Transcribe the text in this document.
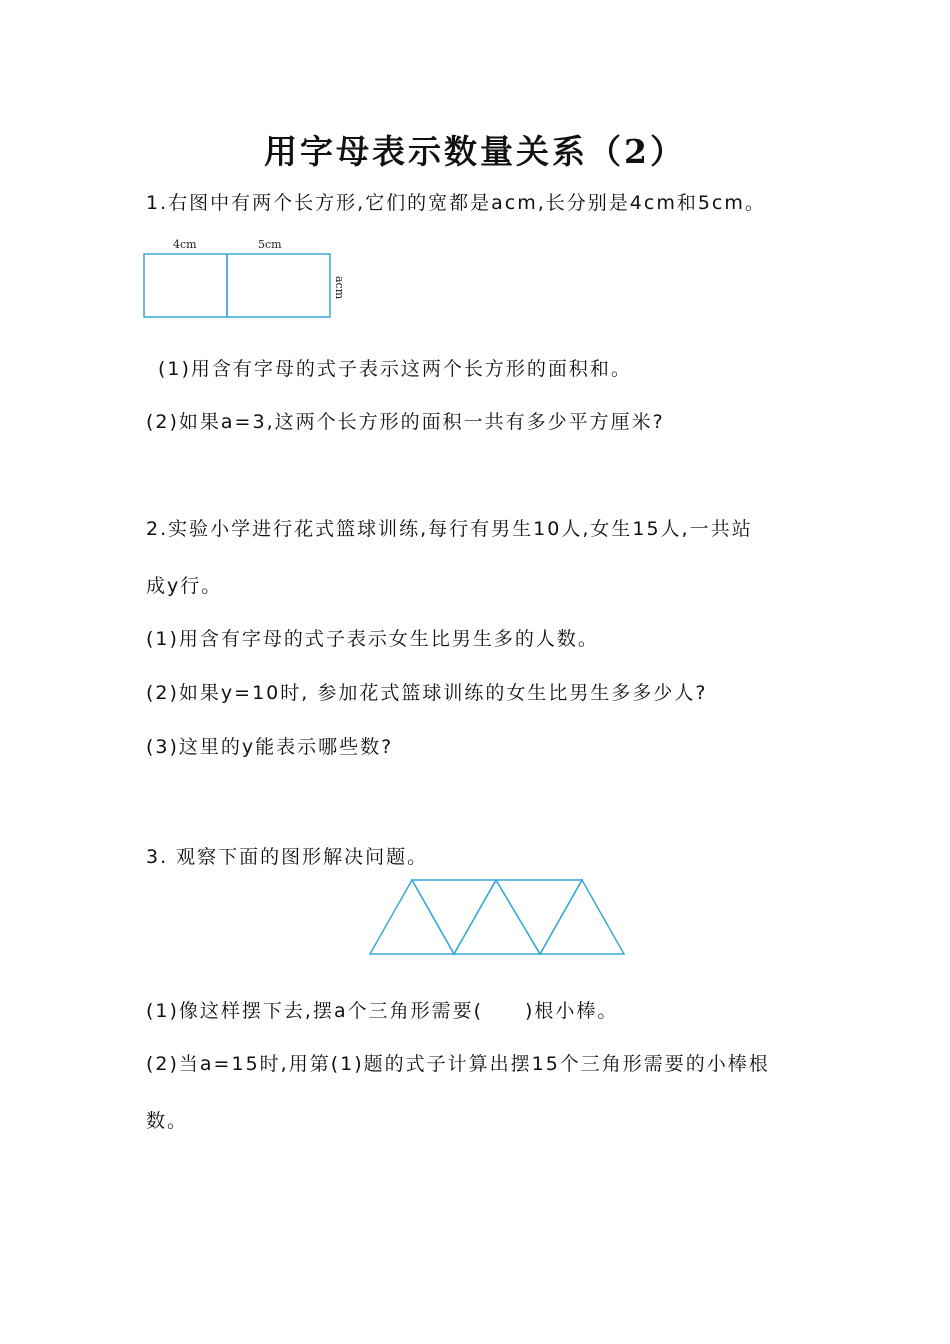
用字母表示数量关系（2）
1.右图中有两个长方形,它们的宽都是acm,长分别是4cm和5cm。
4cm	5cm
acm
(1)用含有字母的式子表示这两个长方形的面积和。
(2)如果a=3,这两个长方形的面积一共有多少平方厘米?
2.实验小学进行花式篮球训练,每行有男生10人,女生15人,一共站
成y行。
(1)用含有字母的式子表示女生比男生多的人数。
(2)如果y=10时, 参加花式篮球训练的女生比男生多多少人?
(3)这里的y能表示哪些数?
3. 观察下面的图形解决问题。
(1)像这样摆下去,摆a个三角形需要(　　)根小棒。
(2)当a=15时,用第(1)题的式子计算出摆15个三角形需要的小棒根
数。
